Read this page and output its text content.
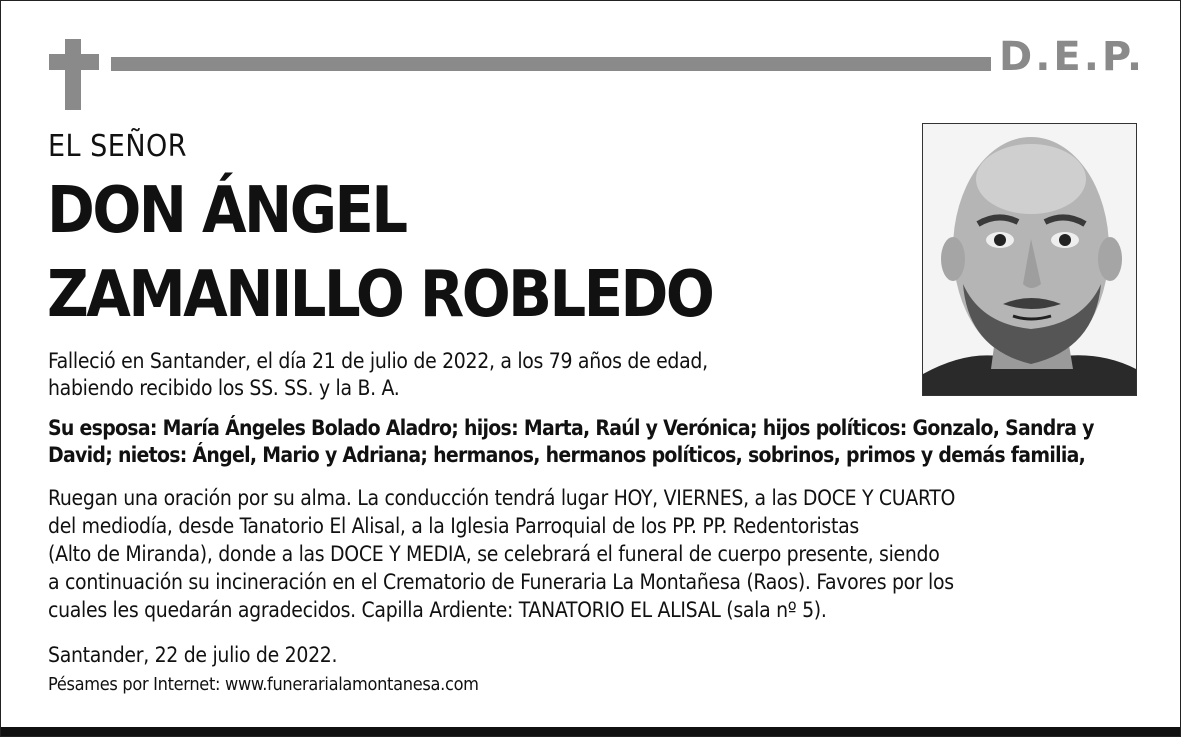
D.E.P.
EL SEÑOR
DON ÁNGEL
ZAMANILLO ROBLEDO
Falleció en Santander, el día 21 de julio de 2022, a los 79 años de edad,
habiendo recibido los SS. SS. y la B. A.
Su esposa: María Ángeles Bolado Aladro; hijos: Marta, Raúl y Verónica; hijos políticos: Gonzalo, Sandra y
David; nietos: Ángel, Mario y Adriana; hermanos, hermanos políticos, sobrinos, primos y demás familia,
Ruegan una oración por su alma. La conducción tendrá lugar HOY, VIERNES, a las DOCE Y CUARTO
del mediodía, desde Tanatorio El Alisal, a la Iglesia Parroquial de los PP. PP. Redentoristas
(Alto de Miranda), donde a las DOCE Y MEDIA, se celebrará el funeral de cuerpo presente, siendo
a continuación su incineración en el Crematorio de Funeraria La Montañesa (Raos). Favores por los
cuales les quedarán agradecidos. Capilla Ardiente: TANATORIO EL ALISAL (sala nº 5).
Santander, 22 de julio de 2022.
Pésames por Internet: www.funerarialamontanesa.com
